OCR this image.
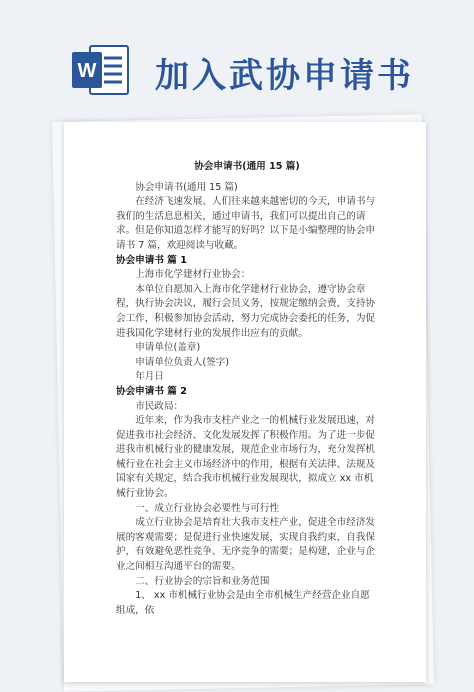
W 加入武协申请书
协会申请书(通用 15 篇)

协会申请书(通用 15 篇)

在经济飞速发展、人们往来越来越密切的今天，申请书与我们的生活息息相关，通过申请书，我们可以提出自己的请求。但是你知道怎样才能写的好吗？以下是小编整理的协会申请书 7 篇，欢迎阅读与收藏。

协会申请书 篇 1

上海市化学建材行业协会：

本单位自愿加入上海市化学建材行业协会，遵守协会章程，执行协会决议，履行会员义务，按规定缴纳会费，支持协会工作，积极参加协会活动，努力完成协会委托的任务，为促进我国化学建材行业的发展作出应有的贡献。

申请单位(盖章)

申请单位负责人(签字)

年月日

协会申请书 篇 2

市民政局：

近年来，作为我市支柱产业之一的机械行业发展迅速，对促进我市社会经济、文化发展发挥了积极作用。为了进一步促进我市机械行业的健康发展，规范企业市场行为，充分发挥机械行业在社会主义市场经济中的作用，根据有关法律、法规及国家有关规定，结合我市机械行业发展现状，拟成立 xx 市机械行业协会。

一、成立行业协会必要性与可行性

成立行业协会是培育壮大我市支柱产业，促进全市经济发展的客观需要；是促进行业快速发展，实现自我约束，自我保护，有效避免恶性竞争、无序竞争的需要；是构建，企业与企业之间相互沟通平台的需要。

二、行业协会的宗旨和业务范围

1、 xx 市机械行业协会是由全市机械生产经营企业自愿组成，依
